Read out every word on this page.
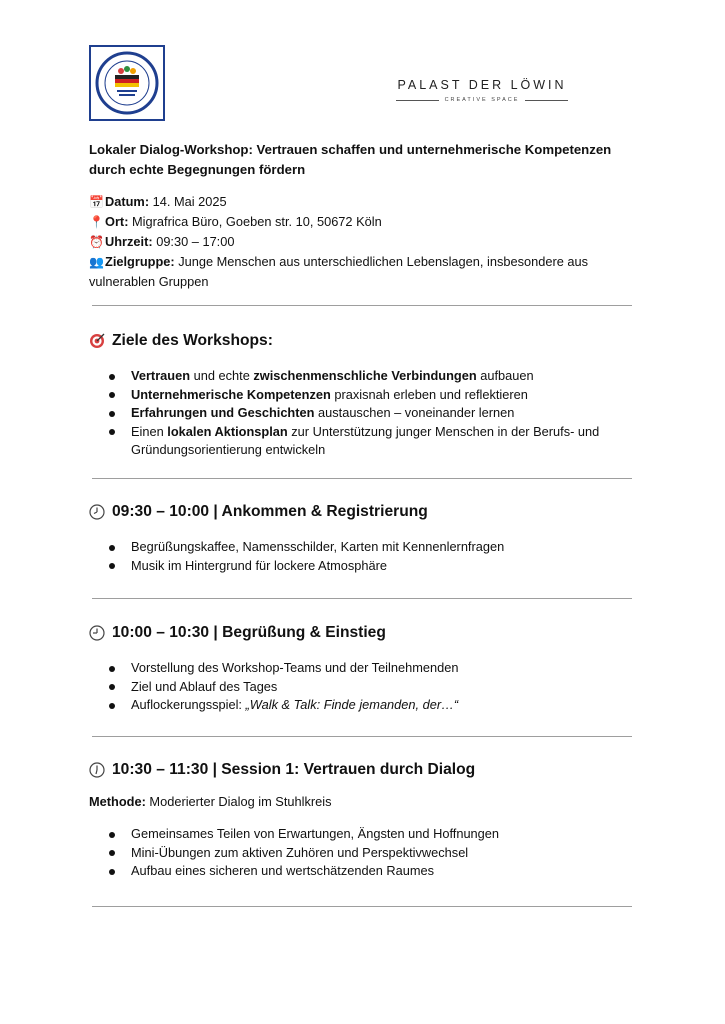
PALAST DER LÖWIN
CREATIVE SPACE
Lokaler Dialog-Workshop: Vertrauen schaffen und unternehmerische Kompetenzen durch echte Begegnungen fördern
📅Datum: 14. Mai 2025
📍Ort: Migrafrica Büro, Goeben str. 10, 50672 Köln
⏰Uhrzeit: 09:30 – 17:00
👥Zielgruppe: Junge Menschen aus unterschiedlichen Lebenslagen, insbesondere aus vulnerablen Gruppen
Ziele des Workshops:
Vertrauen und echte zwischenmenschliche Verbindungen aufbauen
Unternehmerische Kompetenzen praxisnah erleben und reflektieren
Erfahrungen und Geschichten austauschen – voneinander lernen
Einen lokalen Aktionsplan zur Unterstützung junger Menschen in der Berufs- und Gründungsorientierung entwickeln
09:30 – 10:00 | Ankommen & Registrierung
Begrüßungskaffee, Namensschilder, Karten mit Kennenlernfragen
Musik im Hintergrund für lockere Atmosphäre
10:00 – 10:30 | Begrüßung & Einstieg
Vorstellung des Workshop-Teams und der Teilnehmenden
Ziel und Ablauf des Tages
Auflockerungsspiel: „Walk & Talk: Finde jemanden, der…“
10:30 – 11:30 | Session 1: Vertrauen durch Dialog
Methode: Moderierter Dialog im Stuhlkreis
Gemeinsames Teilen von Erwartungen, Ängsten und Hoffnungen
Mini-Übungen zum aktiven Zuhören und Perspektivwechsel
Aufbau eines sicheren und wertschätzenden Raumes
